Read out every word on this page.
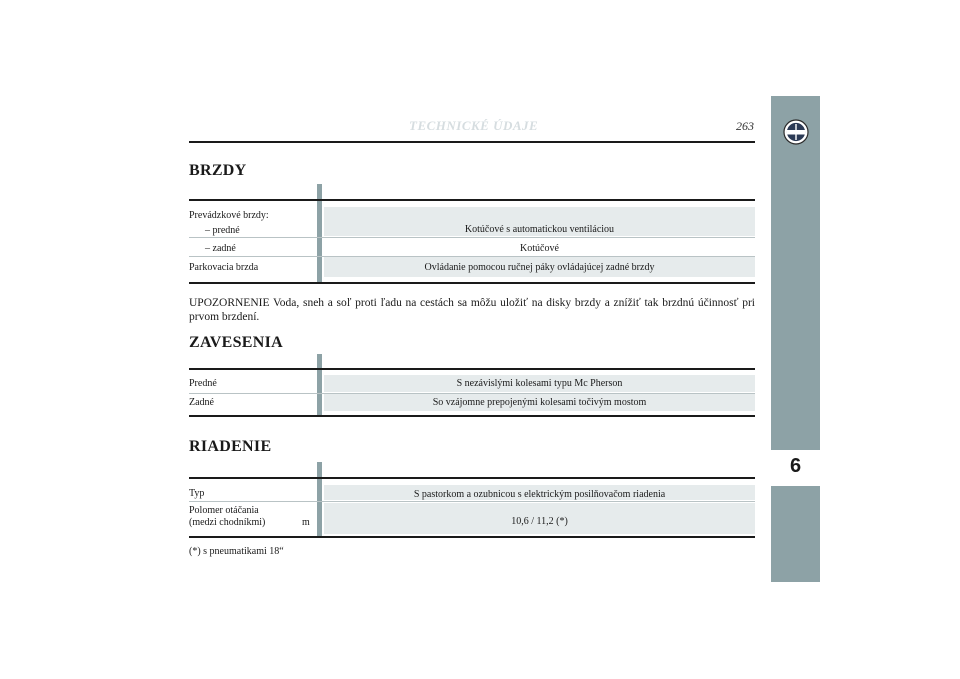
TECHNICKÉ ÚDAJE	263
6
BRZDY
Prevádzkové brzdy:
– predné	Kotúčové s automatickou ventiláciou
– zadné	Kotúčové
Parkovacia brzda	Ovládanie pomocou ručnej páky ovládajúcej zadné brzdy
UPOZORNENIE Voda, sneh a soľ proti ľadu na cestách sa môžu uložiť na disky brzdy a znížiť tak brzdnú účinnosť pri prvom brzdení.
ZAVESENIA
Predné	S nezávislými kolesami typu Mc Pherson
Zadné	So vzájomne prepojenými kolesami točivým mostom
RIADENIE
Typ	S pastorkom a ozubnicou s elektrickým posilňovačom riadenia
Polomer otáčania
(medzi chodníkmi)	m	10,6 / 11,2 (*)
(*) s pneumatikami 18“
